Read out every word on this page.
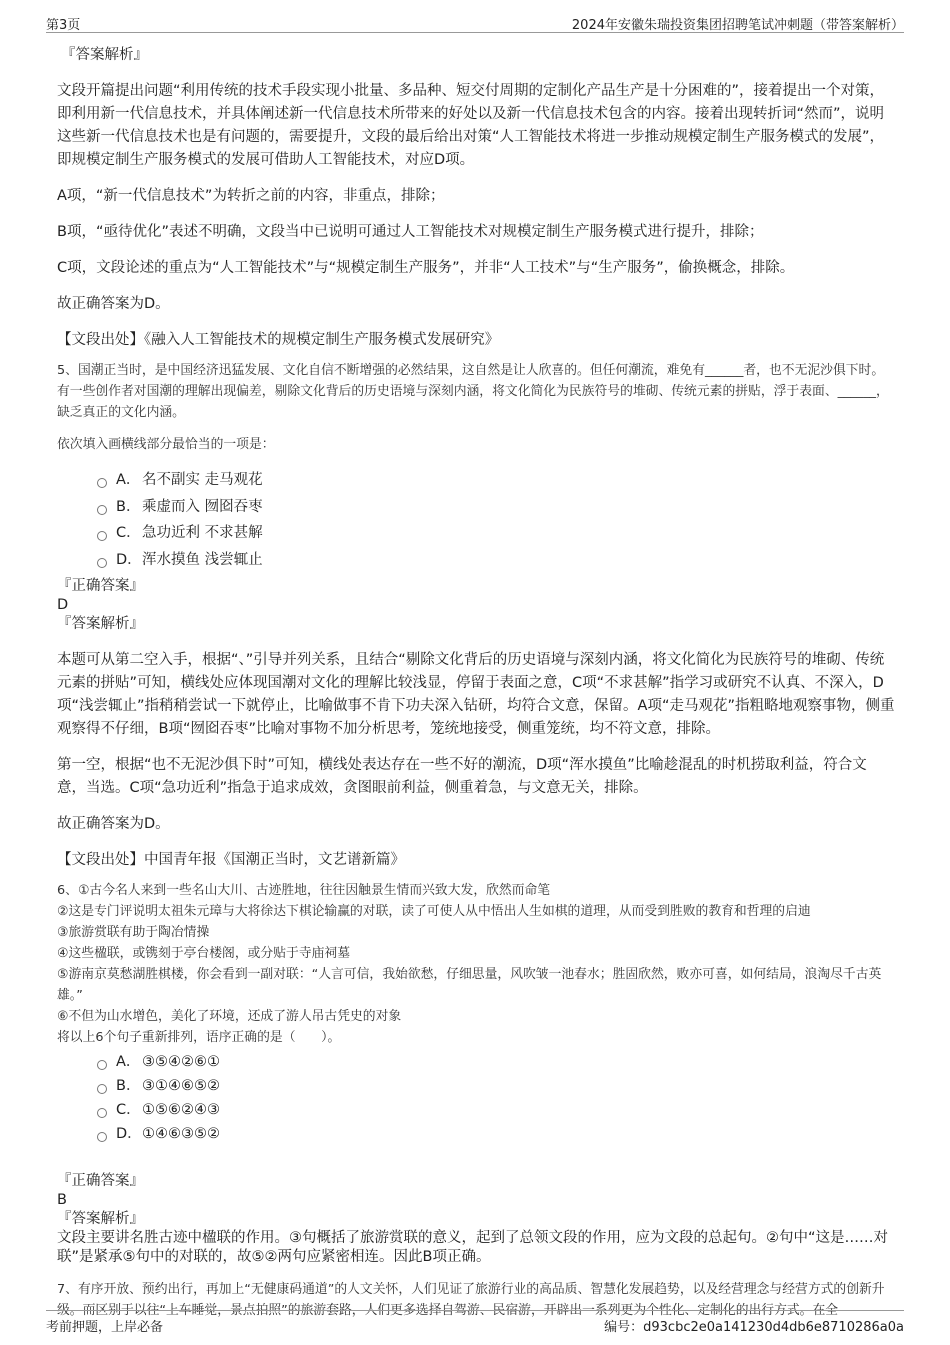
第3页	2024年安徽朱瑞投资集团招聘笔试冲刺题（带答案解析）

『答案解析』

文段开篇提出问题“利用传统的技术手段实现小批量、多品种、短交付周期的定制化产品生产是十分困难的”，接着提出一个对策，即利用新一代信息技术，并具体阐述新一代信息技术所带来的好处以及新一代信息技术包含的内容。接着出现转折词“然而”，说明这些新一代信息技术也是有问题的，需要提升，文段的最后给出对策“人工智能技术将进一步推动规模定制生产服务模式的发展”，即规模定制生产服务模式的发展可借助人工智能技术，对应D项。

A项，“新一代信息技术”为转折之前的内容，非重点，排除；

B项，“亟待优化”表述不明确，文段当中已说明可通过人工智能技术对规模定制生产服务模式进行提升，排除；

C项，文段论述的重点为“人工智能技术”与“规模定制生产服务”，并非“人工技术”与“生产服务”，偷换概念，排除。

故正确答案为D。

【文段出处】《融入人工智能技术的规模定制生产服务模式发展研究》

5、国潮正当时，是中国经济迅猛发展、文化自信不断增强的必然结果，这自然是让人欣喜的。但任何潮流，难免有______者，也不无泥沙俱下时。有一些创作者对国潮的理解出现偏差，剔除文化背后的历史语境与深刻内涵，将文化简化为民族符号的堆砌、传统元素的拼贴，浮于表面、______，缺乏真正的文化内涵。

依次填入画横线部分最恰当的一项是：

A． 名不副实 走马观花
B． 乘虚而入 囫囵吞枣
C． 急功近利 不求甚解
D． 浑水摸鱼 浅尝辄止

『正确答案』

D

『答案解析』

本题可从第二空入手，根据“、”引导并列关系，且结合“剔除文化背后的历史语境与深刻内涵，将文化简化为民族符号的堆砌、传统元素的拼贴”可知，横线处应体现国潮对文化的理解比较浅显，停留于表面之意，C项“不求甚解”指学习或研究不认真、不深入，D项“浅尝辄止”指稍稍尝试一下就停止，比喻做事不肯下功夫深入钻研，均符合文意，保留。A项“走马观花”指粗略地观察事物，侧重观察得不仔细，B项“囫囵吞枣”比喻对事物不加分析思考，笼统地接受，侧重笼统，均不符文意，排除。

第一空，根据“也不无泥沙俱下时”可知，横线处表达存在一些不好的潮流，D项“浑水摸鱼”比喻趁混乱的时机捞取利益，符合文意，当选。C项“急功近利”指急于追求成效，贪图眼前利益，侧重着急，与文意无关，排除。

故正确答案为D。

【文段出处】中国青年报《国潮正当时，文艺谱新篇》

6、①古今名人来到一些名山大川、古迹胜地，往往因触景生情而兴致大发，欣然而命笔

②这是专门评说明太祖朱元璋与大将徐达下棋论输赢的对联，读了可使人从中悟出人生如棋的道理，从而受到胜败的教育和哲理的启迪

③旅游赏联有助于陶冶情操

④这些楹联，或镌刻于亭台楼阁，或分贴于寺庙祠墓

⑤游南京莫愁湖胜棋楼，你会看到一副对联：“人言可信，我始欲愁，仔细思量，风吹皱一池春水；胜固欣然，败亦可喜，如何结局，浪淘尽千古英雄。”

⑥不但为山水增色，美化了环境，还成了游人吊古凭史的对象

将以上6个句子重新排列，语序正确的是（　　）。

A． ③⑤④②⑥①
B． ③①④⑥⑤②
C． ①⑤⑥②④③
D． ①④⑥③⑤②

『正确答案』

B

『答案解析』

文段主要讲名胜古迹中楹联的作用。③句概括了旅游赏联的意义，起到了总领文段的作用，应为文段的总起句。②句中“这是……对联”是紧承⑤句中的对联的，故⑤②两句应紧密相连。因此B项正确。

7、有序开放、预约出行，再加上“无健康码通道”的人文关怀，人们见证了旅游行业的高品质、智慧化发展趋势，以及经营理念与经营方式的创新升级。而区别于以往“上车睡觉，景点拍照”的旅游套路，人们更多选择自驾游、民宿游，开辟出一系列更为个性化、定制化的出行方式。在全

考前押题，上岸必备	编号：d93cbc2e0a141230d4db6e8710286a0a
